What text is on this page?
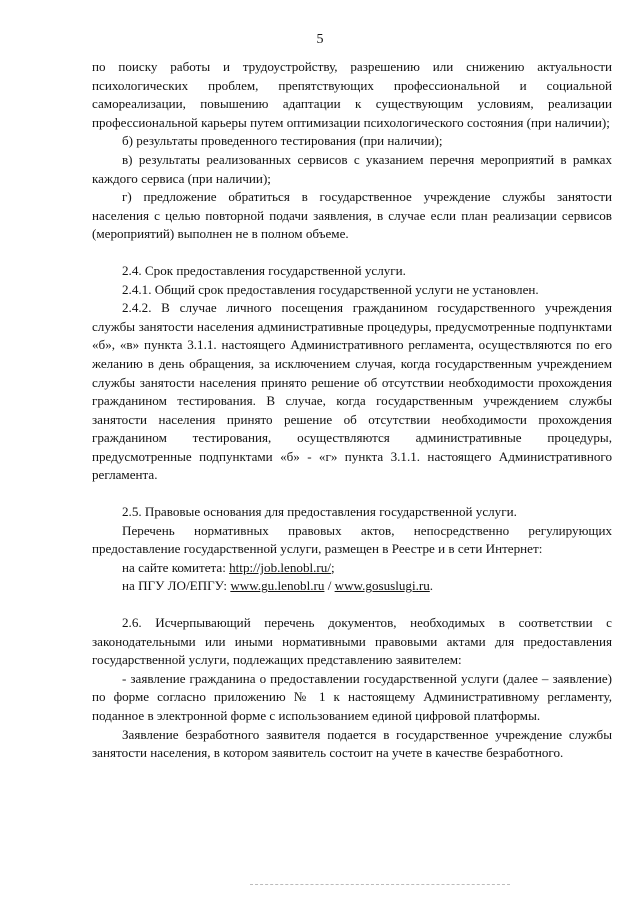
5

по поиску работы и трудоустройству, разрешению или снижению актуальности психологических проблем, препятствующих профессиональной и социальной самореализации, повышению адаптации к существующим условиям, реализации профессиональной карьеры путем оптимизации психологического состояния (при наличии);

б) результаты проведенного тестирования (при наличии);

в) результаты реализованных сервисов с указанием перечня мероприятий в рамках каждого сервиса (при наличии);

г) предложение обратиться в государственное учреждение службы занятости населения с целью повторной подачи заявления, в случае если план реализации сервисов (мероприятий) выполнен не в полном объеме.

2.4. Срок предоставления государственной услуги.

2.4.1. Общий срок предоставления государственной услуги не установлен.

2.4.2. В случае личного посещения гражданином государственного учреждения службы занятости населения административные процедуры, предусмотренные подпунктами «б», «в» пункта 3.1.1. настоящего Административного регламента, осуществляются по его желанию в день обращения, за исключением случая, когда государственным учреждением службы занятости населения принято решение об отсутствии необходимости прохождения гражданином тестирования. В случае, когда государственным учреждением службы занятости населения принято решение об отсутствии необходимости прохождения гражданином тестирования, осуществляются административные процедуры, предусмотренные подпунктами «б» - «г» пункта 3.1.1. настоящего Административного регламента.

2.5. Правовые основания для предоставления государственной услуги.

Перечень нормативных правовых актов, непосредственно регулирующих предоставление государственной услуги, размещен в Реестре и в сети Интернет:

на сайте комитета: http://job.lenobl.ru/;

на ПГУ ЛО/ЕПГУ: www.gu.lenobl.ru / www.gosuslugi.ru.

2.6. Исчерпывающий перечень документов, необходимых в соответствии с законодательными или иными нормативными правовыми актами для предоставления государственной услуги, подлежащих представлению заявителем:

- заявление гражданина о предоставлении государственной услуги (далее – заявление) по форме согласно приложению № 1 к настоящему Административному регламенту, поданное в электронной форме с использованием единой цифровой платформы.

Заявление безработного заявителя подается в государственное учреждение службы занятости населения, в котором заявитель состоит на учете в качестве безработного.
